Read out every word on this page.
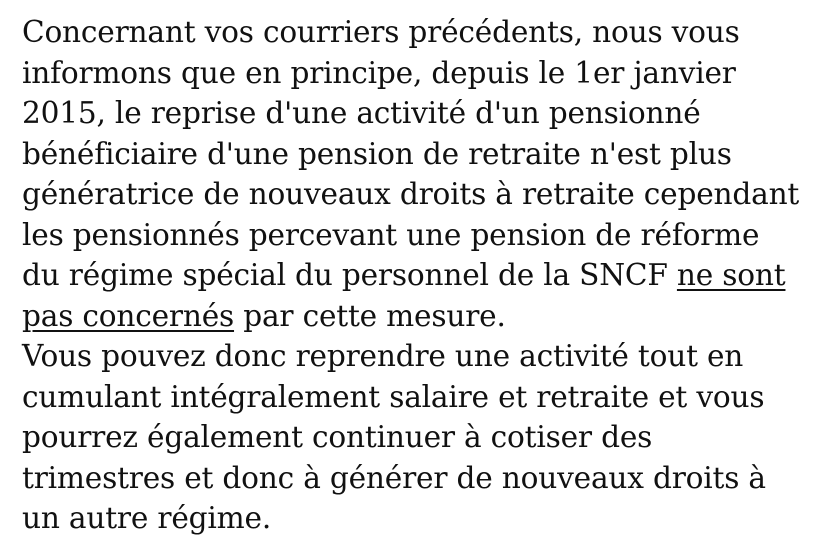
Concernant vos courriers précédents, nous vous
informons que en principe, depuis le 1er janvier
2015, le reprise d'une activité d'un pensionné
bénéficiaire d'une pension de retraite n'est plus
génératrice de nouveaux droits à retraite cependant
les pensionnés percevant une pension de réforme
du régime spécial du personnel de la SNCF ne sont
pas concernés par cette mesure.

Vous pouvez donc reprendre une activité tout en
cumulant intégralement salaire et retraite et vous
pourrez également continuer à cotiser des
trimestres et donc à générer de nouveaux droits à
un autre régime.
